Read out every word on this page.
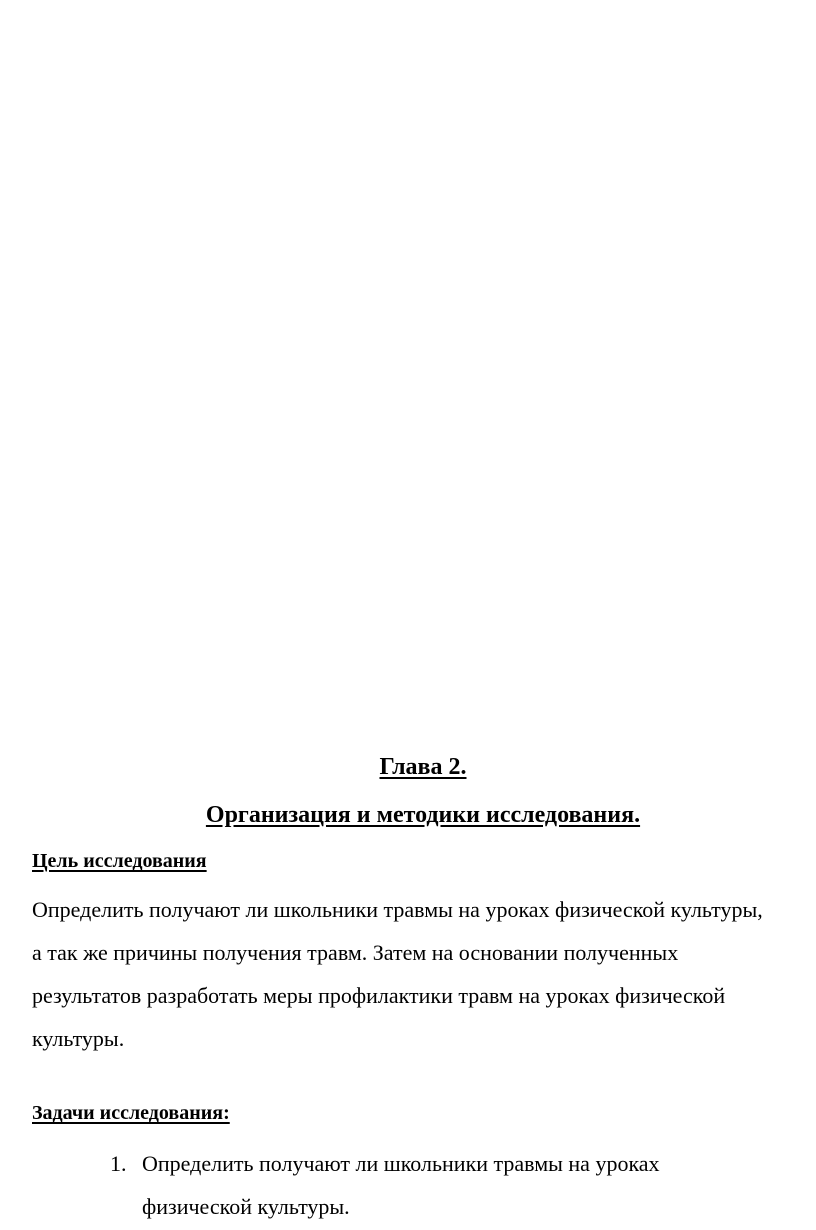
Глава 2.
Организация и методики исследования.
Цель исследования
Определить получают ли школьники травмы на уроках физической культуры, а так же причины получения травм. Затем на основании полученных результатов разработать меры профилактики травм на уроках физической культуры.
Задачи исследования:
1. Определить получают ли школьники травмы на уроках физической культуры.
